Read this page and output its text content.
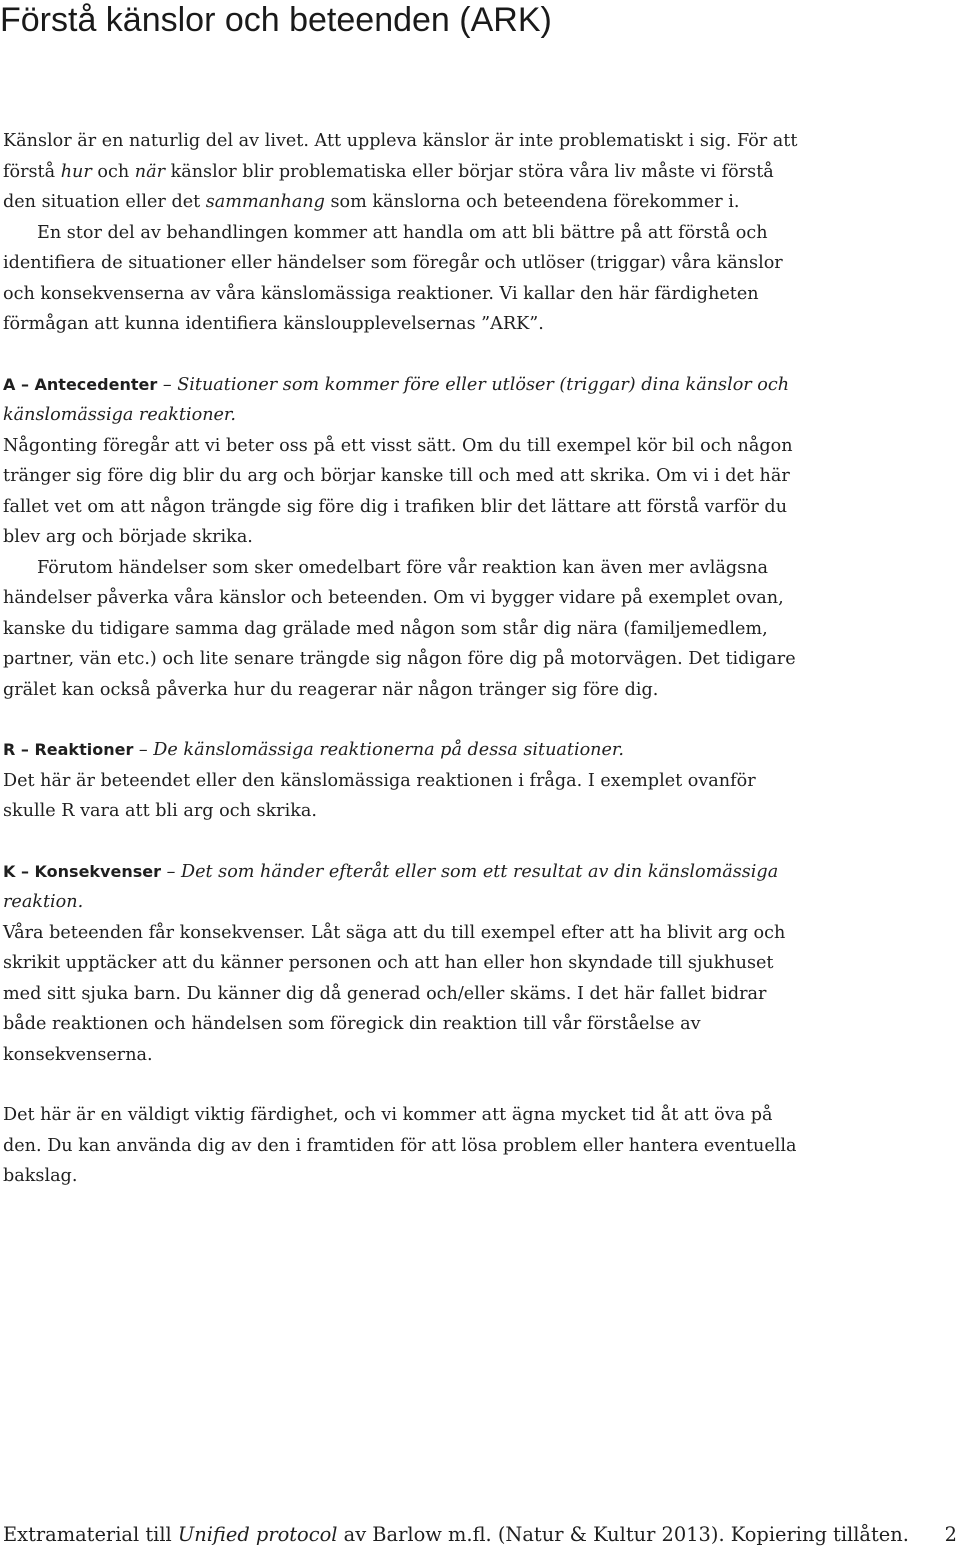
Förstå känslor och beteenden (ARK)

Känslor är en naturlig del av livet. Att uppleva känslor är inte problematiskt i sig. För att förstå hur och när känslor blir problematiska eller börjar störa våra liv måste vi förstå den situation eller det sammanhang som känslorna och beteendena förekommer i.

En stor del av behandlingen kommer att handla om att bli bättre på att förstå och identifiera de situationer eller händelser som föregår och utlöser (triggar) våra känslor och konsekvenserna av våra känslomässiga reaktioner. Vi kallar den här färdigheten förmågan att kunna identifiera känsloupplevelsernas ”ARK”.

A – Antecedenter – Situationer som kommer före eller utlöser (triggar) dina känslor och känslomässiga reaktioner.

Någonting föregår att vi beter oss på ett visst sätt. Om du till exempel kör bil och någon tränger sig före dig blir du arg och börjar kanske till och med att skrika. Om vi i det här fallet vet om att någon trängde sig före dig i trafiken blir det lättare att förstå varför du blev arg och började skrika.

Förutom händelser som sker omedelbart före vår reaktion kan även mer avlägsna händelser påverka våra känslor och beteenden. Om vi bygger vidare på exemplet ovan, kanske du tidigare samma dag grälade med någon som står dig nära (familjemedlem, partner, vän etc.) och lite senare trängde sig någon före dig på motorvägen. Det tidigare grälet kan också påverka hur du reagerar när någon tränger sig före dig.

R – Reaktioner – De känslomässiga reaktionerna på dessa situationer.

Det här är beteendet eller den känslomässiga reaktionen i fråga. I exemplet ovanför skulle R vara att bli arg och skrika.

K – Konsekvenser – Det som händer efteråt eller som ett resultat av din känslomässiga reaktion.

Våra beteenden får konsekvenser. Låt säga att du till exempel efter att ha blivit arg och skrikit upptäcker att du känner personen och att han eller hon skyndade till sjukhuset med sitt sjuka barn. Du känner dig då generad och/eller skäms. I det här fallet bidrar både reaktionen och händelsen som föregick din reaktion till vår förståelse av konsekvenserna.

Det här är en väldigt viktig färdighet, och vi kommer att ägna mycket tid åt att öva på den. Du kan använda dig av den i framtiden för att lösa problem eller hantera eventuella bakslag.

Extramaterial till Unified protocol av Barlow m.fl. (Natur & Kultur 2013). Kopiering tillåten. 2
